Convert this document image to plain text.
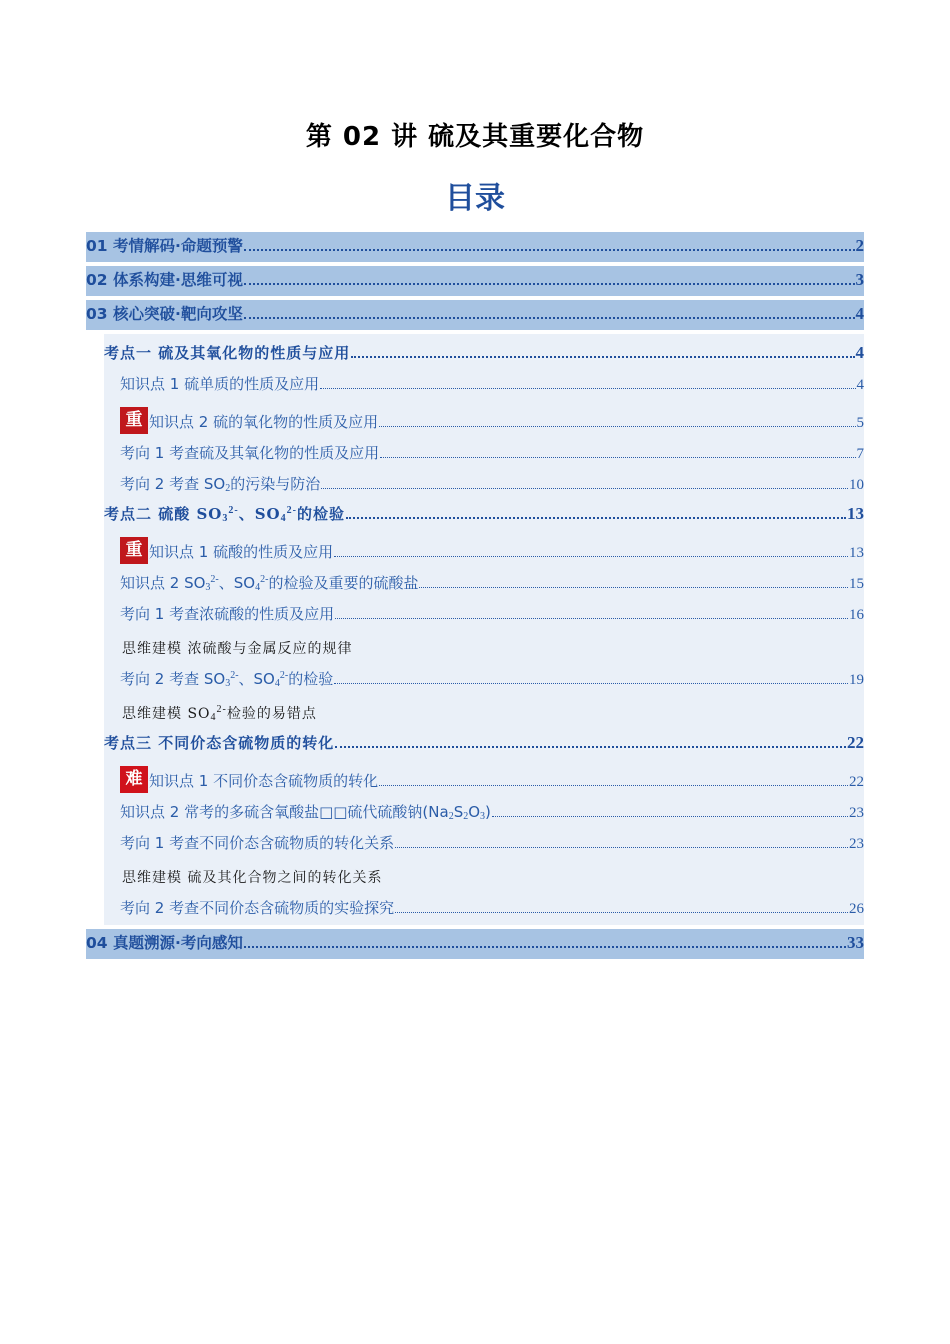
第 02 讲 硫及其重要化合物
目录
01 考情解码·命题预警	2
02 体系构建·思维可视	3
03 核心突破·靶向攻坚	4
考点一 硫及其氧化物的性质与应用	4
知识点 1 硫单质的性质及应用	4
重 知识点 2 硫的氧化物的性质及应用	5
考向 1 考查硫及其氧化物的性质及应用	7
考向 2 考查 $SO_2$的污染与防治	10
考点二 硫酸 $SO_3^{2-}$、$SO_4^{2-}$的检验	13
重 知识点 1 硫酸的性质及应用	13
知识点 2 $SO_3^{2-}$、$SO_4^{2-}$的检验及重要的硫酸盐	15
考向 1 考查浓硫酸的性质及应用	16
思维建模 浓硫酸与金属反应的规律
考向 2 考查 $SO_3^{2-}$、$SO_4^{2-}$的检验	19
思维建模 $SO_4^{2-}$检验的易错点
考点三 不同价态含硫物质的转化	22
难 知识点 1 不同价态含硫物质的转化	22
知识点 2 常考的多硫含氧酸盐□□硫代硫酸钠$(Na_2S_2O_3)$	23
考向 1 考查不同价态含硫物质的转化关系	23
思维建模 硫及其化合物之间的转化关系
考向 2 考查不同价态含硫物质的实验探究	26
04 真题溯源·考向感知	33
